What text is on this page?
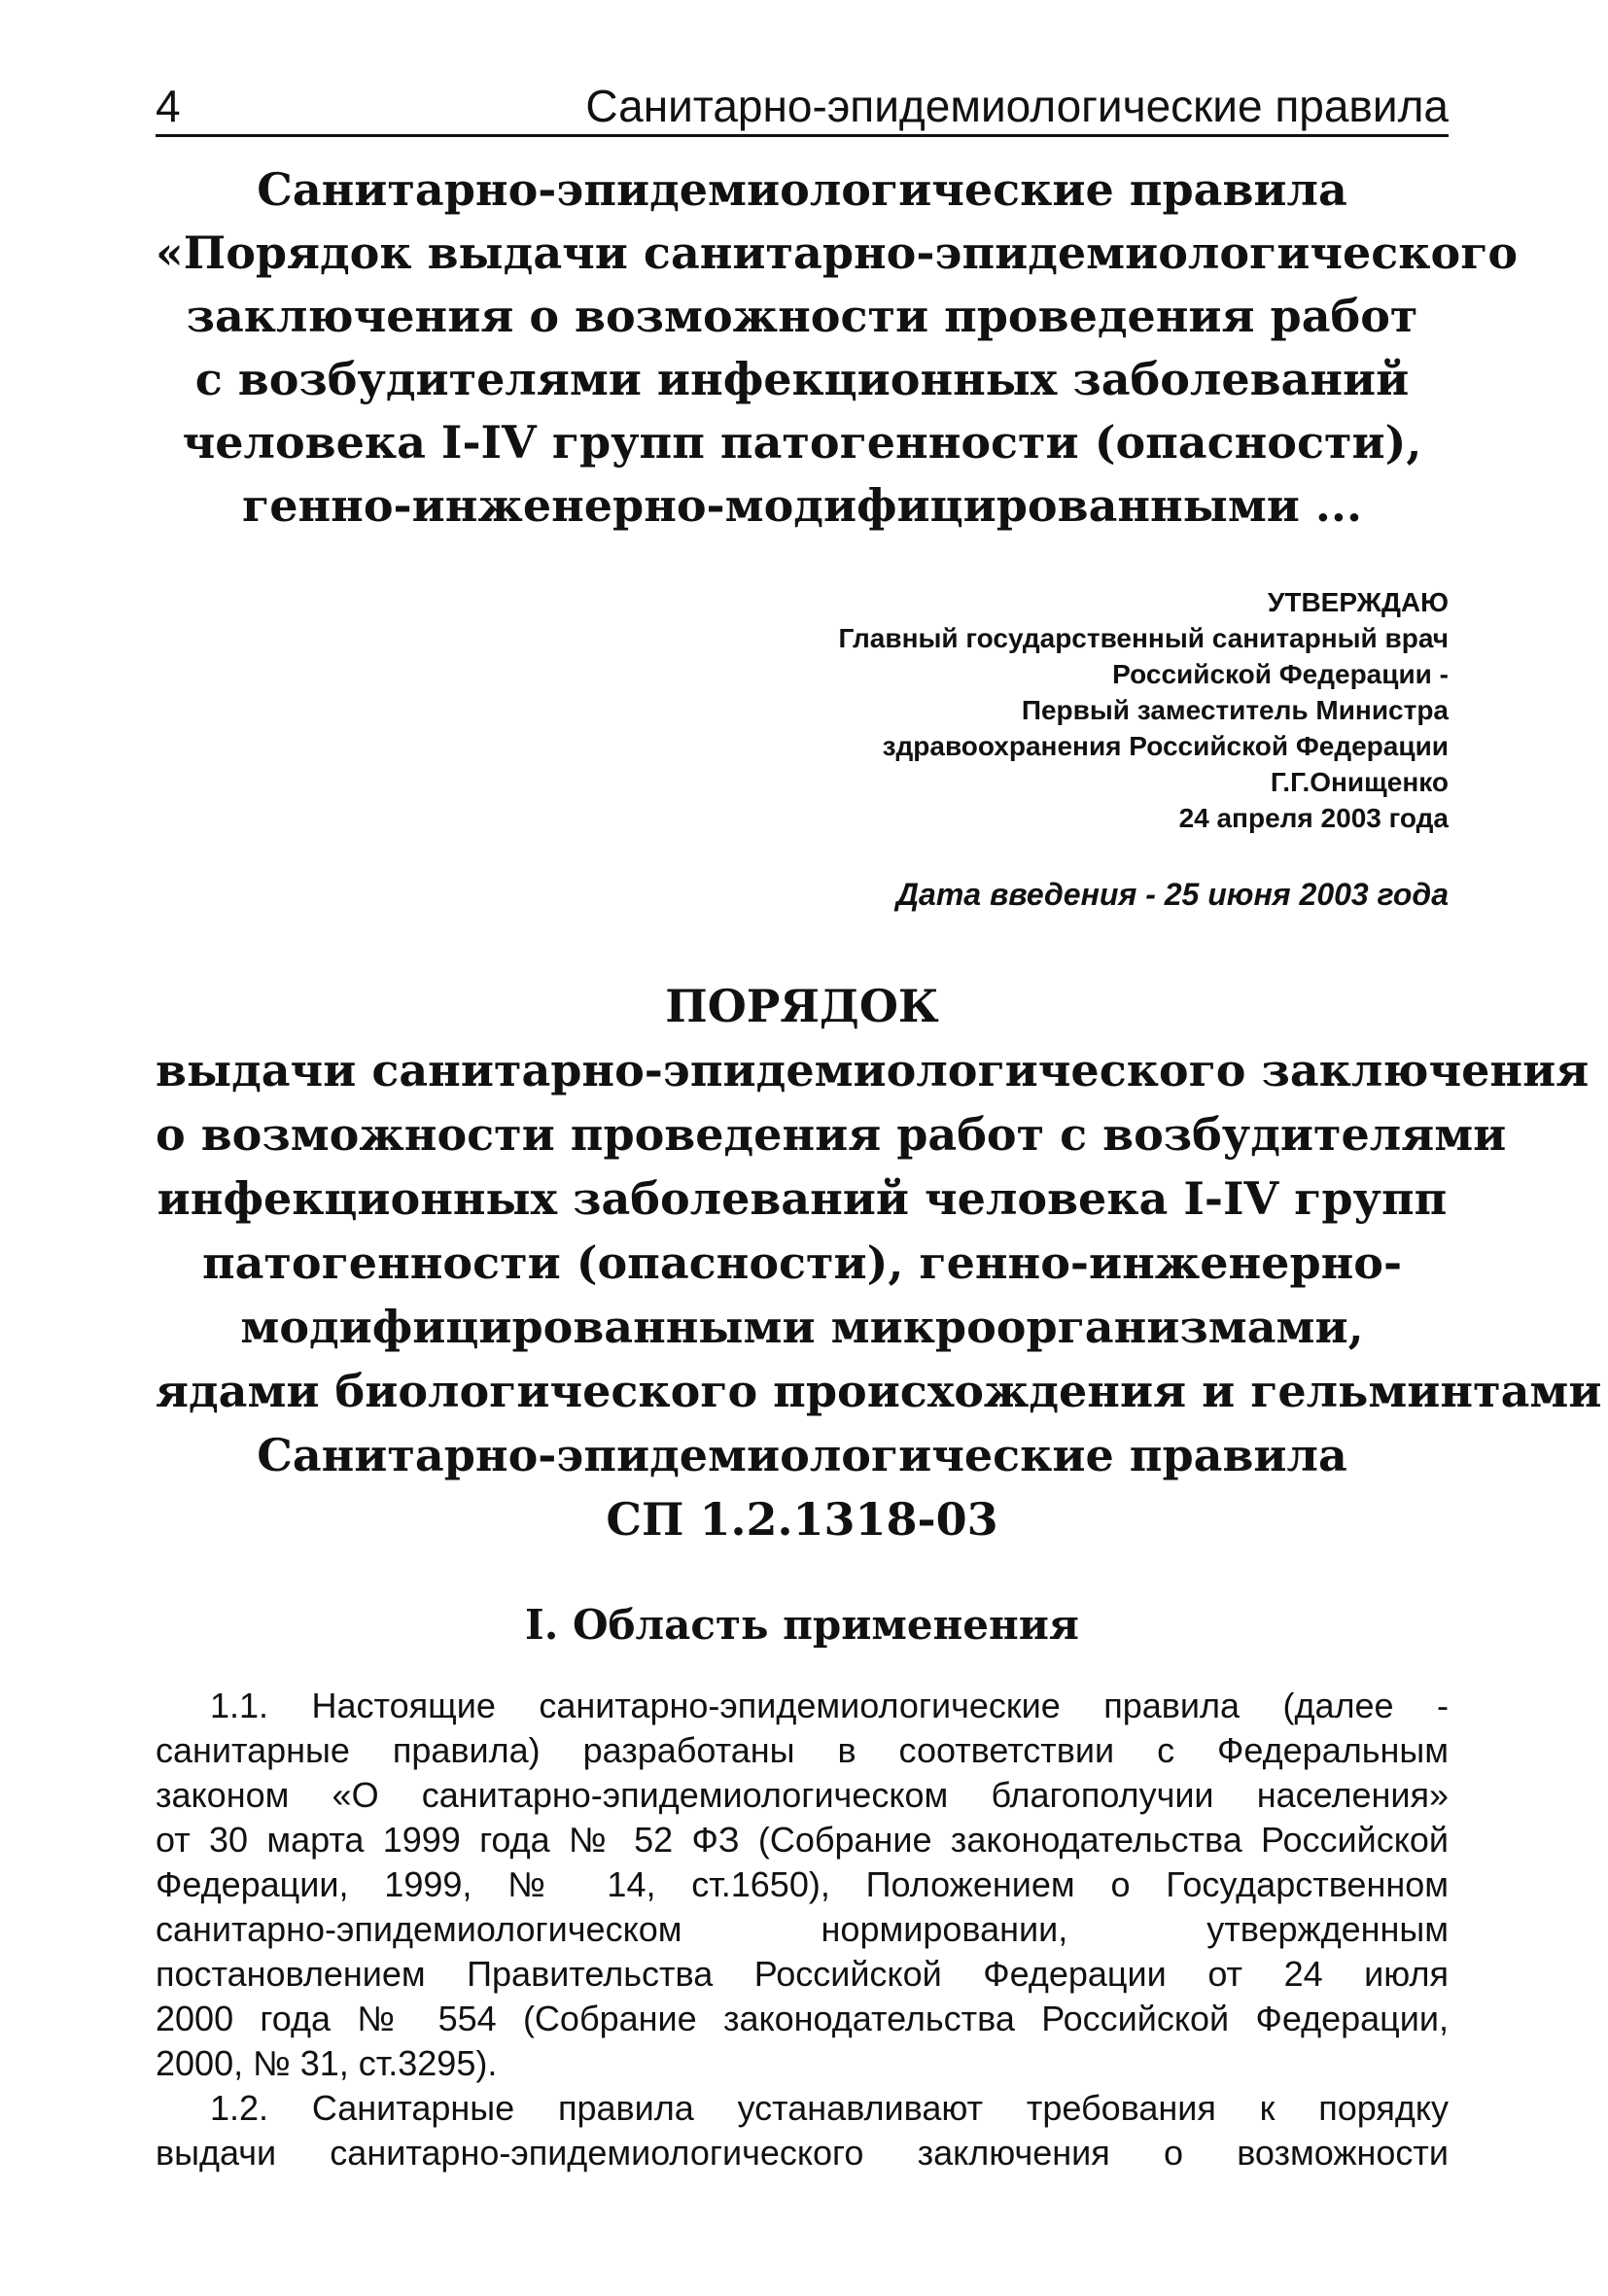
4	Санитарно-эпидемиологические правила
Санитарно-эпидемиологические правила
«Порядок выдачи санитарно-эпидемиологического
заключения о возможности проведения работ
с возбудителями инфекционных заболеваний
человека I-IV групп патогенности (опасности),
генно-инженерно-модифицированными ...
УТВЕРЖДАЮ
Главный государственный санитарный врач
Российской Федерации -
Первый заместитель Министра
здравоохранения Российской Федерации
Г.Г.Онищенко
24 апреля 2003 года
Дата введения - 25 июня 2003 года
ПОРЯДОК
выдачи санитарно-эпидемиологического заключения
о возможности проведения работ с возбудителями
инфекционных заболеваний человека I-IV групп
патогенности (опасности), генно-инженерно-
модифицированными микроорганизмами,
ядами биологического происхождения и гельминтами
Санитарно-эпидемиологические правила
СП 1.2.1318-03
I. Область применения
1.1. Настоящие санитарно-эпидемиологические правила (далее -
санитарные правила) разработаны в соответствии с Федеральным
законом «О санитарно-эпидемиологическом благополучии населения»
от 30 марта 1999 года № 52 ФЗ (Собрание законодательства Российской
Федерации, 1999, № 14, ст.1650), Положением о Государственном
санитарно-эпидемиологическом нормировании, утвержденным
постановлением Правительства Российской Федерации от 24 июля
2000 года № 554 (Собрание законодательства Российской Федерации,
2000, № 31, ст.3295).
1.2. Санитарные правила устанавливают требования к порядку
выдачи санитарно-эпидемиологического заключения о возможности
